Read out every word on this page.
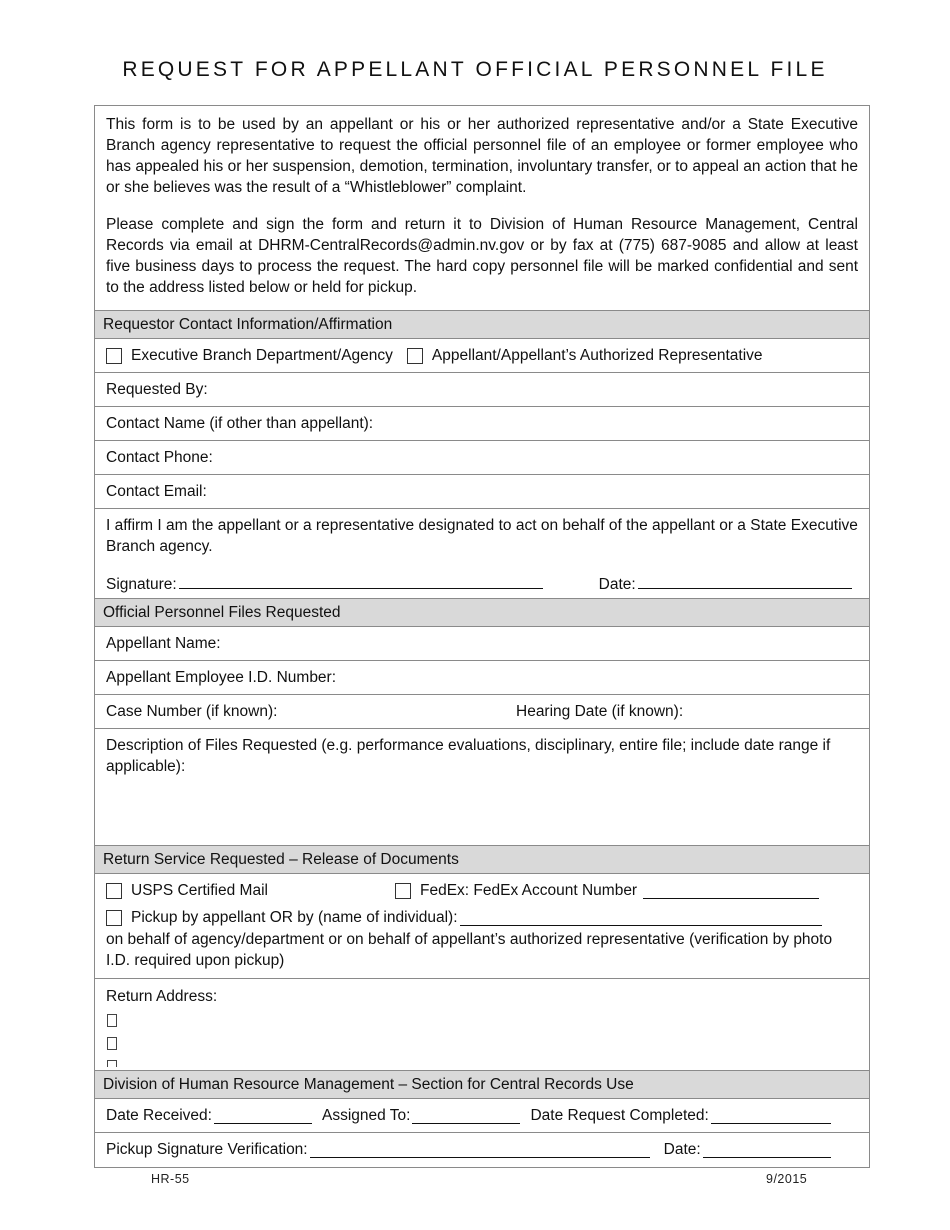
REQUEST FOR APPELLANT OFFICIAL PERSONNEL FILE

This form is to be used by an appellant or his or her authorized representative and/or a State Executive Branch agency representative to request the official personnel file of an employee or former employee who has appealed his or her suspension, demotion, termination, involuntary transfer, or to appeal an action that he or she believes was the result of a “Whistleblower” complaint.

Please complete and sign the form and return it to Division of Human Resource Management, Central Records via email at DHRM-CentralRecords@admin.nv.gov or by fax at (775) 687-9085 and allow at least five business days to process the request. The hard copy personnel file will be marked confidential and sent to the address listed below or held for pickup.

Requestor Contact Information/Affirmation
Executive Branch Department/Agency	Appellant/Appellant’s Authorized Representative
Requested By:
Contact Name (if other than appellant):
Contact Phone:
Contact Email:
I affirm I am the appellant or a representative designated to act on behalf of the appellant or a State Executive Branch agency.
Signature:	Date:
Official Personnel Files Requested
Appellant Name:
Appellant Employee I.D. Number:
Case Number (if known):	Hearing Date (if known):
Description of Files Requested (e.g. performance evaluations, disciplinary, entire file; include date range if applicable):
Return Service Requested – Release of Documents
USPS Certified Mail	FedEx: FedEx Account Number
Pickup by appellant OR by (name of individual):
on behalf of agency/department or on behalf of appellant’s authorized representative (verification by photo I.D. required upon pickup)
Return Address:
Division of Human Resource Management – Section for Central Records Use
Date Received:	Assigned To:	Date Request Completed:
Pickup Signature Verification:	Date:
HR-55	9/2015
